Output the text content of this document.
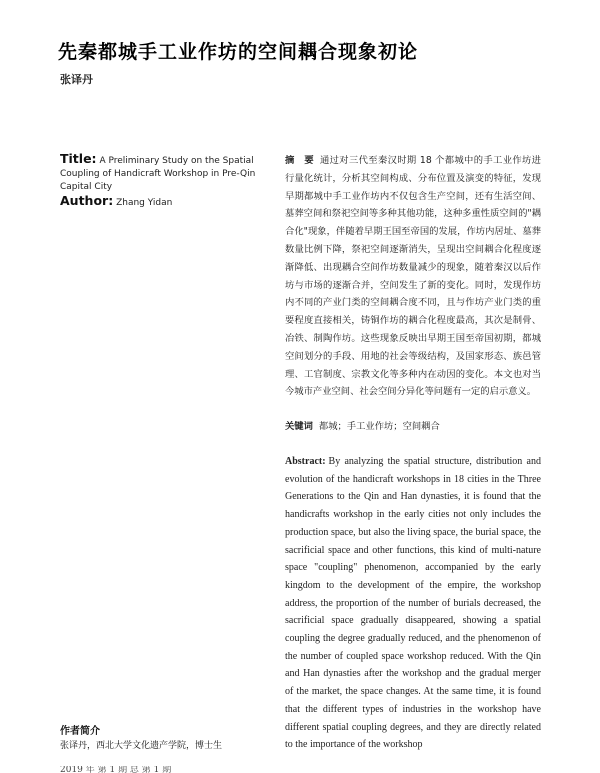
先秦都城手工业作坊的空间耦合现象初论
张译丹
Title: A Preliminary Study on the Spatial Coupling of Handicraft Workshop in Pre-Qin Capital City
Author: Zhang Yidan
摘　要 通过对三代至秦汉时期 18 个都城中的手工业作坊进行量化统计，分析其空间构成、分布位置及演变的特征，发现早期都城中手工业作坊内不仅包含生产空间，还有生活空间、墓葬空间和祭祀空间等多种其他功能，这种多重性质空间的"耦合化"现象，伴随着早期王国至帝国的发展，作坊内居址、墓葬数量比例下降，祭祀空间逐渐消失，呈现出空间耦合化程度逐渐降低、出现耦合空间作坊数量减少的现象，随着秦汉以后作坊与市场的逐渐合并，空间发生了新的变化。同时，发现作坊内不同的产业门类的空间耦合度不同，且与作坊产业门类的重要程度直接相关，铸铜作坊的耦合化程度最高，其次是制骨、冶铁、制陶作坊。这些现象反映出早期王国至帝国初期，都城空间划分的手段、用地的社会等级结构，及国家形态、族邑管理、工官制度、宗教文化等多种内在动因的变化。本文也对当今城市产业空间、社会空间分异化等问题有一定的启示意义。
关键词 都城；手工业作坊；空间耦合
Abstract: By analyzing the spatial structure, distribution and evolution of the handicraft workshops in 18 cities in the Three Generations to the Qin and Han dynasties, it is found that the handicrafts workshop in the early cities not only includes the production space, but also the living space, the burial space, the sacrificial space and other functions, this kind of multi-nature space "coupling" phenomenon, accompanied by the early kingdom to the development of the empire, the workshop address, the proportion of the number of burials decreased, the sacrificial space gradually disappeared, showing a spatial coupling the degree gradually reduced, and the phenomenon of the number of coupled space workshop reduced. With the Qin and Han dynasties after the workshop and the gradual merger of the market, the space changes. At the same time, it is found that the different types of industries in the workshop have different spatial coupling degrees, and they are directly related to the importance of the workshop
作者简介
张译丹，西北大学文化遗产学院，博士生
2019 年 第 1 期 总 第 1 期
